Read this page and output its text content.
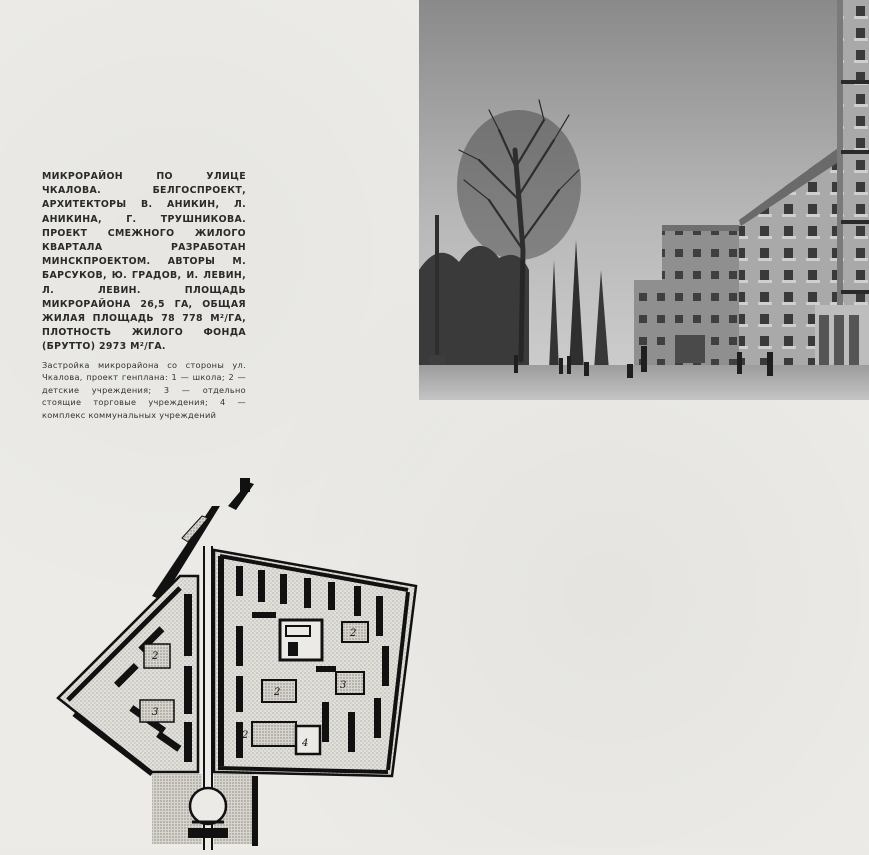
МИКРОРАЙОН ПО УЛИЦЕ ЧКАЛОВА. БЕЛГОСПРОЕКТ, АРХИТЕКТОРЫ В. АНИКИН, Л. АНИКИНА, Г. ТРУШНИКОВА. ПРОЕКТ СМЕЖНОГО ЖИЛОГО КВАРТАЛА РАЗРАБОТАН МИНСКПРОЕКТОМ. АВТОРЫ М. БАРСУКОВ, Ю. ГРАДОВ, И. ЛЕВИН, Л. ЛЕВИН. ПЛОЩАДЬ МИКРОРАЙОНА 26,5 ГА, ОБЩАЯ ЖИЛАЯ ПЛОЩАДЬ 78 778 М²/ГА, ПЛОТНОСТЬ ЖИЛОГО ФОНДА (БРУТТО) 2973 М²/ГА.

Застройка микрорайона со стороны ул. Чкалова, проект генплана: 1 — школа; 2 — детские учреждения; 3 — отдельно стоящие торговые учреждения; 4 — комплекс коммунальных учреждений

1
2
2
2
2
3
4
3
